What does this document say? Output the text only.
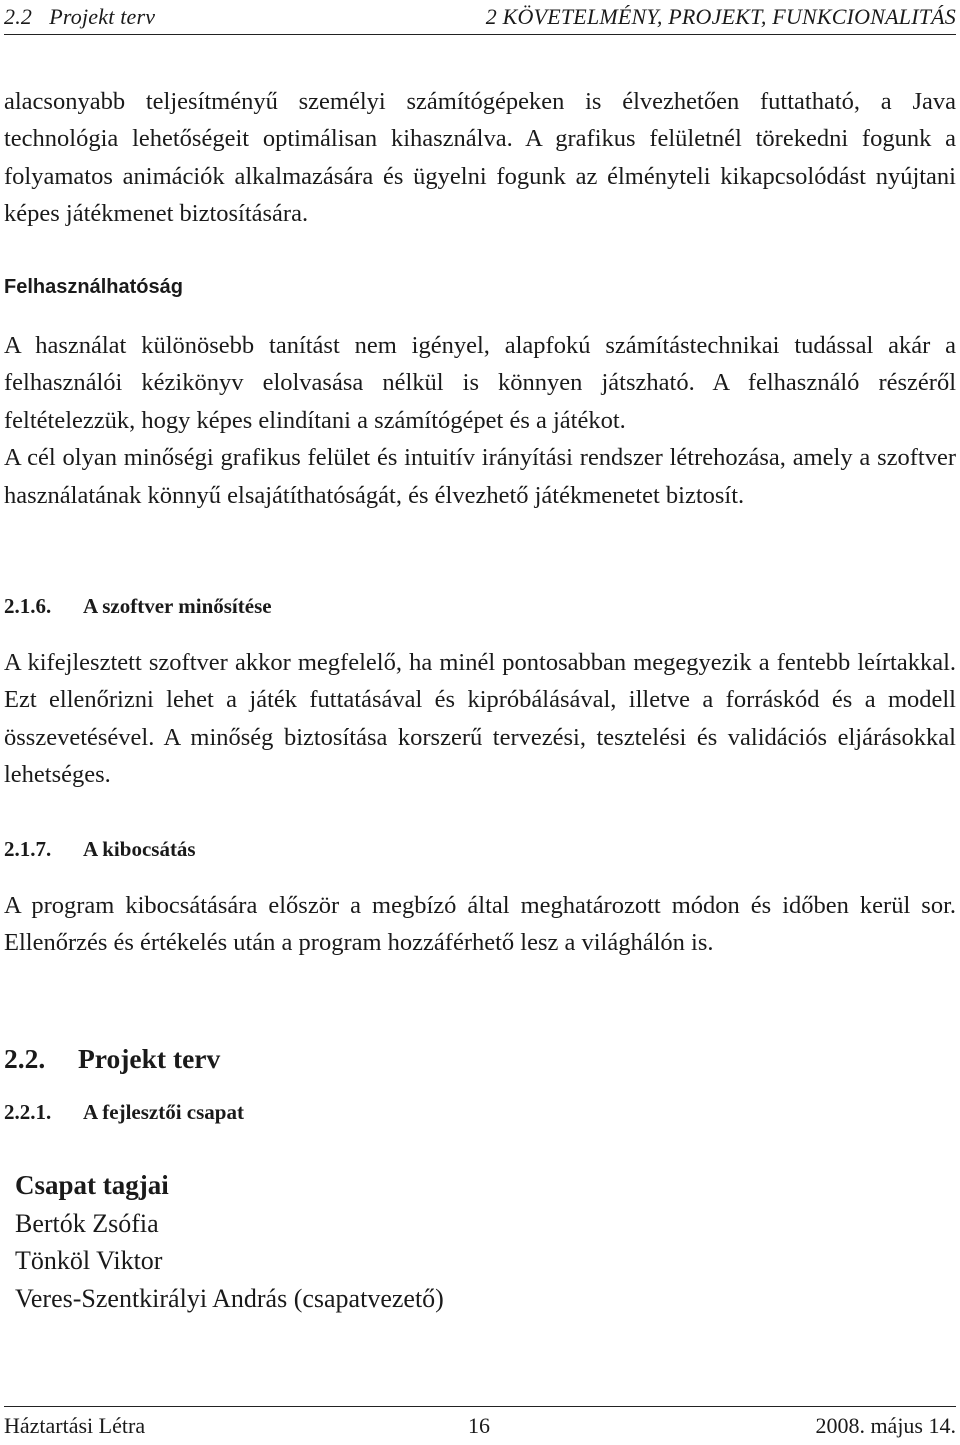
2.2   Projekt terv	2 KÖVETELMÉNY, PROJEKT, FUNKCIONALITÁS

alacsonyabb teljesítményű személyi számítógépeken is élvezhetően futtatható, a Java technológia lehetőségeit optimálisan kihasználva. A grafikus felületnél törekedni fogunk a folyamatos animációk alkalmazására és ügyelni fogunk az élményteli kikapcsolódást nyújtani képes játékmenet biztosítására.

Felhasználhatóság

A használat különösebb tanítást nem igényel, alapfokú számítástechnikai tudással akár a felhasználói kézikönyv elolvasása nélkül is könnyen játszható. A felhasználó részéről feltételezzük, hogy képes elindítani a számítógépet és a játékot.

A cél olyan minőségi grafikus felület és intuitív irányítási rendszer létrehozása, amely a szoftver használatának könnyű elsajátíthatóságát, és élvezhető játékmenetet biztosít.

2.1.6.	A szoftver minősítése

A kifejlesztett szoftver akkor megfelelő, ha minél pontosabban megegyezik a fentebb leírtakkal. Ezt ellenőrizni lehet a játék futtatásával és kipróbálásával, illetve a forráskód és a modell összevetésével. A minőség biztosítása korszerű tervezési, tesztelési és validációs eljárásokkal lehetséges.

2.1.7.	A kibocsátás

A program kibocsátására először a megbízó által meghatározott módon és időben kerül sor. Ellenőrzés és értékelés után a program hozzáférhető lesz a világhálón is.

2.2.	Projekt terv

2.2.1.	A fejlesztői csapat

Csapat tagjai

Bertók Zsófia

Tönköl Viktor

Veres-Szentkirályi András (csapatvezető)

Háztartási Létra	16	2008. május 14.
